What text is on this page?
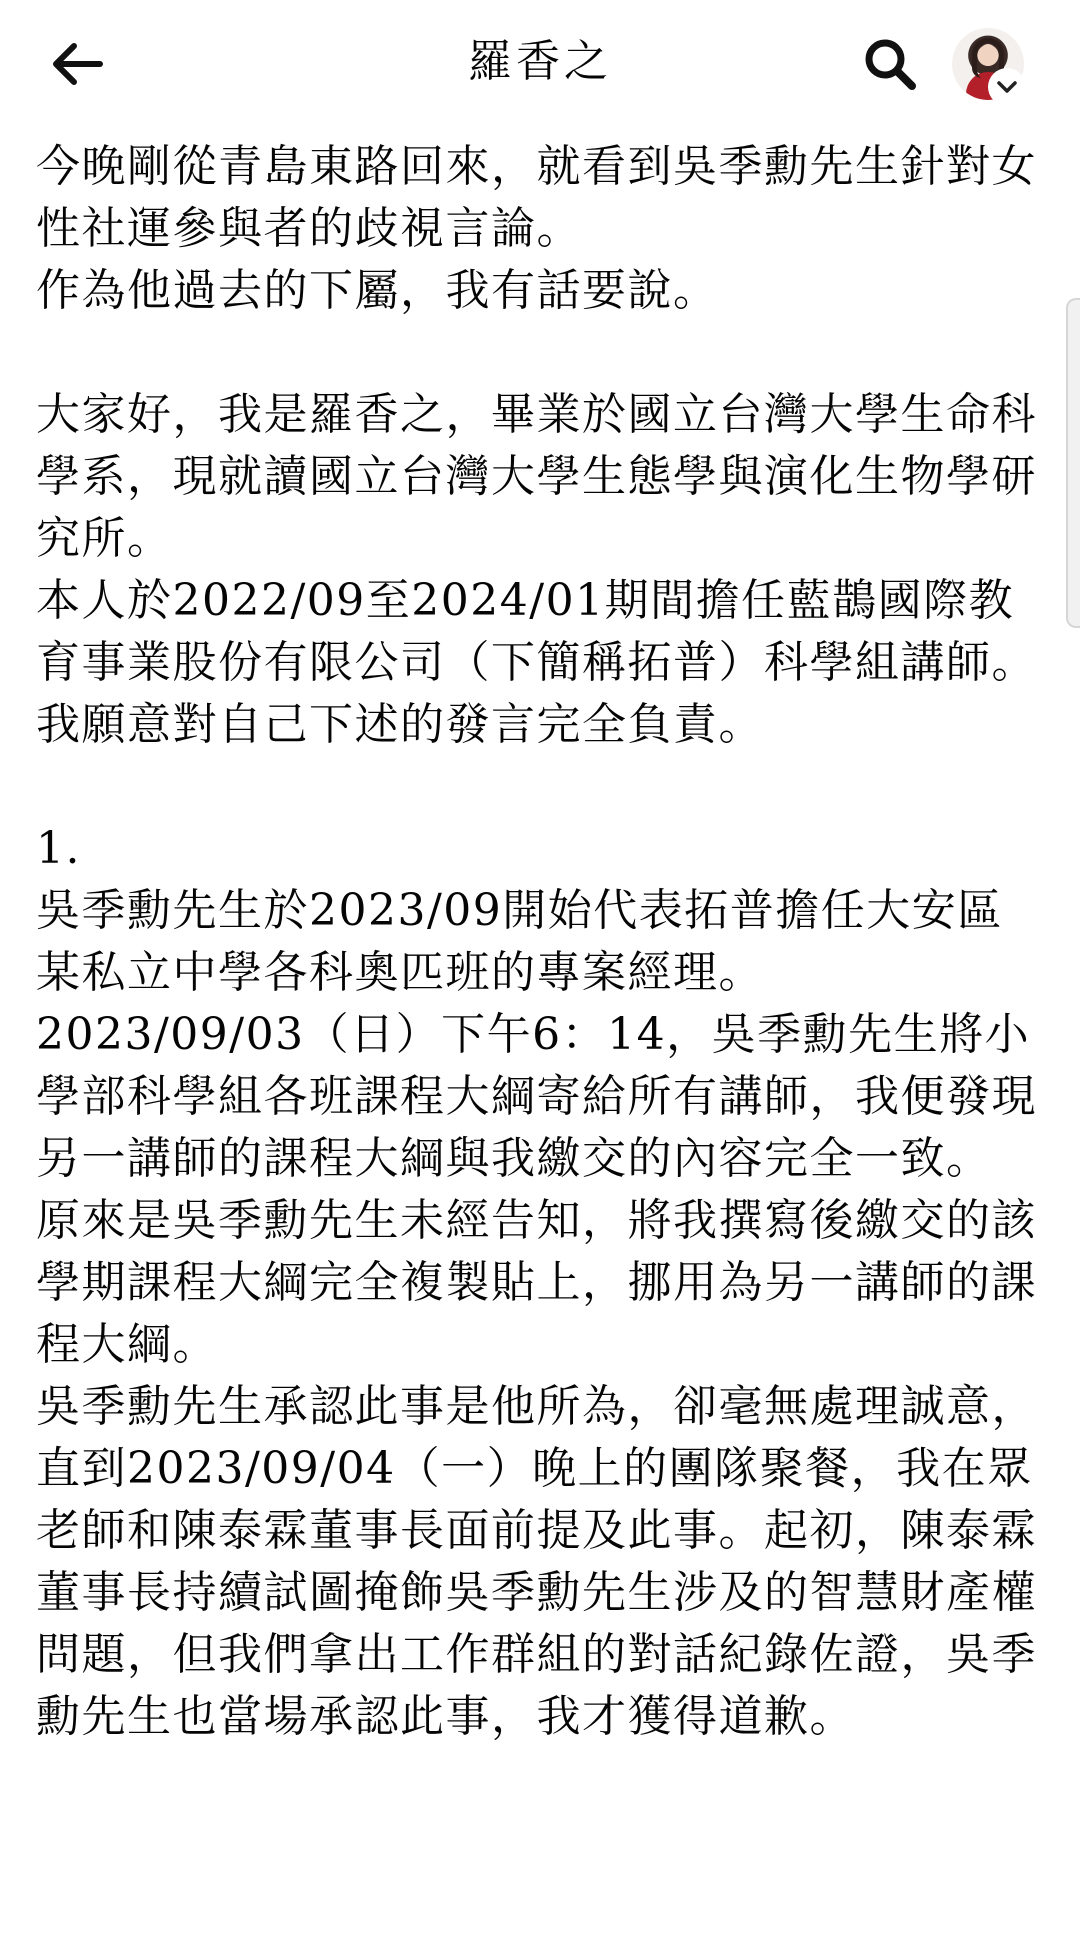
羅香之

今晚剛從青島東路回來，就看到吳季勳先生針對女性社運參與者的歧視言論。

作為他過去的下屬，我有話要說。

大家好，我是羅香之，畢業於國立台灣大學生命科學系，現就讀國立台灣大學生態學與演化生物學研究所。

本人於2022/09至2024/01期間擔任藍鵲國際教育事業股份有限公司（下簡稱拓普）科學組講師。

我願意對自己下述的發言完全負責。

1.

吳季勳先生於2023/09開始代表拓普擔任大安區某私立中學各科奧匹班的專案經理。

2023/09/03（日）下午6：14，吳季勳先生將小學部科學組各班課程大綱寄給所有講師，我便發現另一講師的課程大綱與我繳交的內容完全一致。

原來是吳季勳先生未經告知，將我撰寫後繳交的該學期課程大綱完全複製貼上，挪用為另一講師的課程大綱。

吳季勳先生承認此事是他所為，卻毫無處理誠意，直到2023/09/04（一）晚上的團隊聚餐，我在眾老師和陳泰霖董事長面前提及此事。起初，陳泰霖董事長持續試圖掩飾吳季勳先生涉及的智慧財產權問題，但我們拿出工作群組的對話紀錄佐證，吳季勳先生也當場承認此事，我才獲得道歉。
